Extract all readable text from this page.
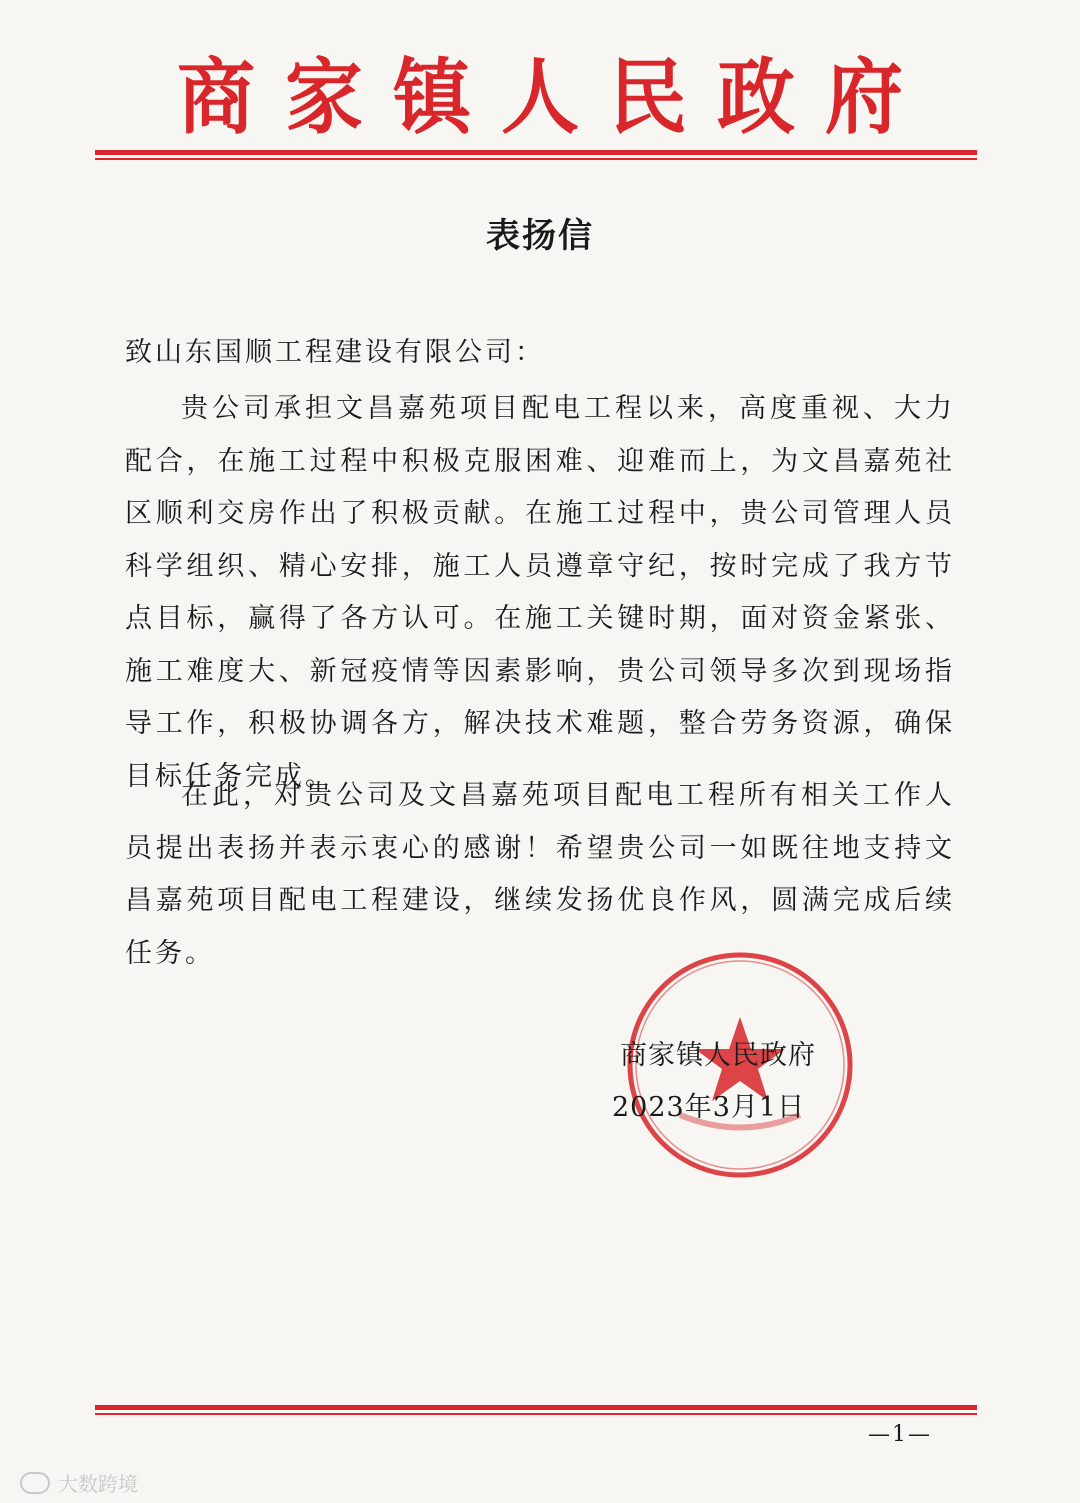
商家镇人民政府
表扬信
致山东国顺工程建设有限公司：

贵公司承担文昌嘉苑项目配电工程以来，高度重视、大力配合，在施工过程中积极克服困难、迎难而上，为文昌嘉苑社区顺利交房作出了积极贡献。在施工过程中，贵公司管理人员科学组织、精心安排，施工人员遵章守纪，按时完成了我方节点目标，赢得了各方认可。在施工关键时期，面对资金紧张、施工难度大、新冠疫情等因素影响，贵公司领导多次到现场指导工作，积极协调各方，解决技术难题，整合劳务资源，确保目标任务完成。

在此，对贵公司及文昌嘉苑项目配电工程所有相关工作人员提出表扬并表示衷心的感谢！希望贵公司一如既往地支持文昌嘉苑项目配电工程建设，继续发扬优良作风，圆满完成后续任务。

商家镇人民政府
2023年3月1日
—1—
大数跨境
